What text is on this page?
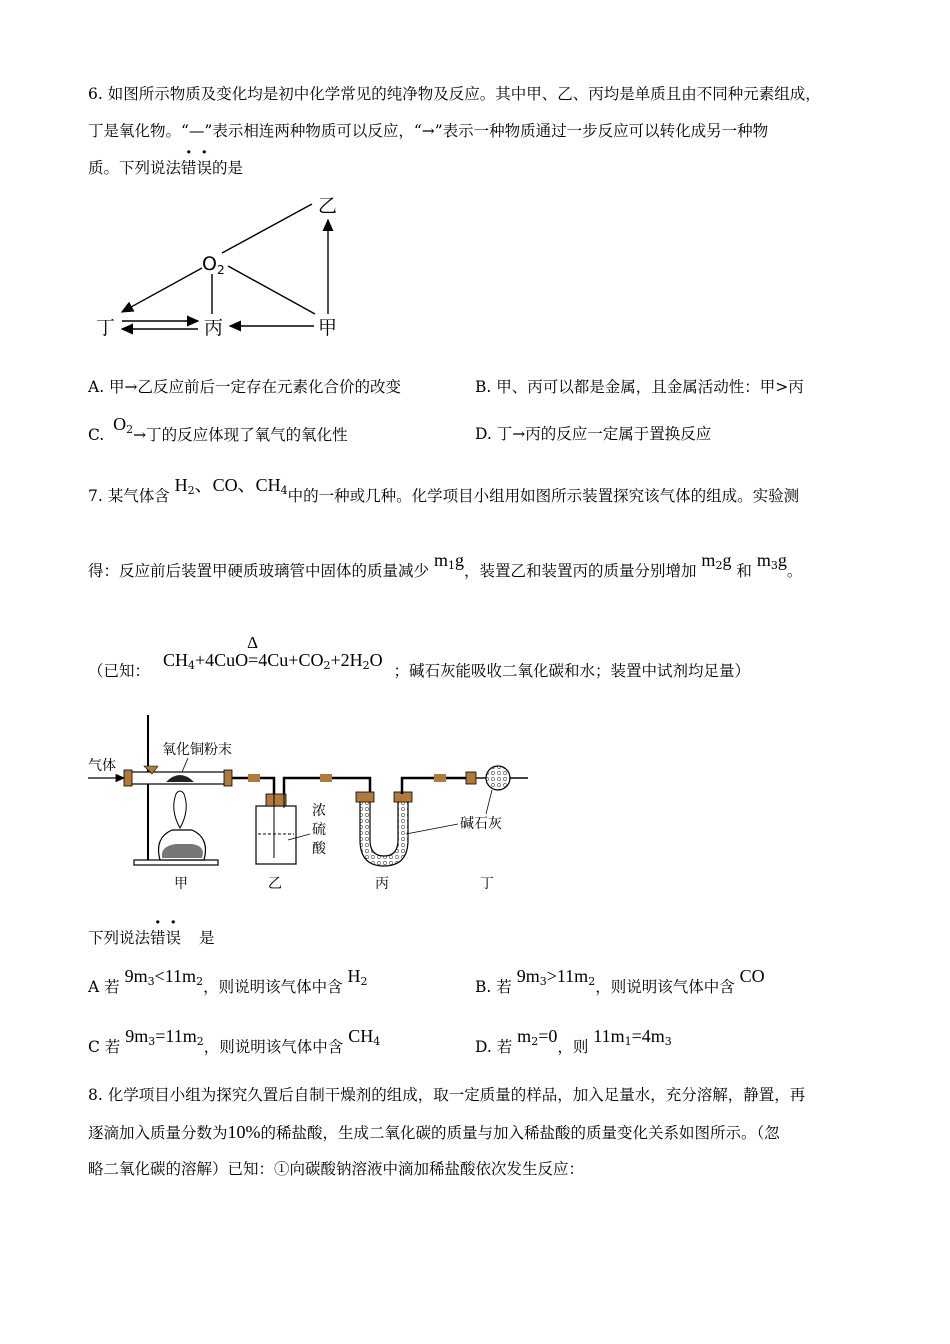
6. 如图所示物质及变化均是初中化学常见的纯净物及反应。其中甲、乙、丙均是单质且由不同种元素组成，
丁是氧化物。“—”表示相连两种物质可以反应，“→”表示一种物质通过一步反应可以转化成另一种物
质。下列说法错误的是
乙
$O_2$
丁	丙	甲
A. 甲→乙反应前后一定存在元素化合价的改变	B. 甲、丙可以都是金属，且金属活动性：甲>丙
C. $O_2\to$丁的反应体现了氧气的氧化性	D. 丁→丙的反应一定属于置换反应
7. 某气体含 $H_2$、CO、$CH_4$中的一种或几种。化学项目小组用如图所示装置探究该气体的组成。实验测
得：反应前后装置甲硬质玻璃管中固体的质量减少 $m_1g$，装置乙和装置丙的质量分别增加 $m_2g$ 和 $m_3g$。
（已知： $CH_4+4CuO=$
Δ
$4Cu+CO_2+2H_2O$ ；碱石灰能吸收二氧化碳和水；装置中试剂均足量）
气体
氧化铜粉末
浓
硫
酸
碱石灰
甲	乙	丙	丁
下列说法错误 是
A 若 $9m_3<11m_2$，则说明该气体中含 $H_2$	B. 若 $9m_3>11m_2$，则说明该气体中含 CO
C 若 $9m_3=11m_2$，则说明该气体中含 $CH_4$	D. 若 $m_2=0$，则 $11m_1=4m_3$
8. 化学项目小组为探究久置后自制干燥剂的组成，取一定质量的样品，加入足量水，充分溶解，静置，再
逐滴加入质量分数为10%的稀盐酸，生成二氧化碳的质量与加入稀盐酸的质量变化关系如图所示。（忽
略二氧化碳的溶解）已知：①向碳酸钠溶液中滴加稀盐酸依次发生反应：
